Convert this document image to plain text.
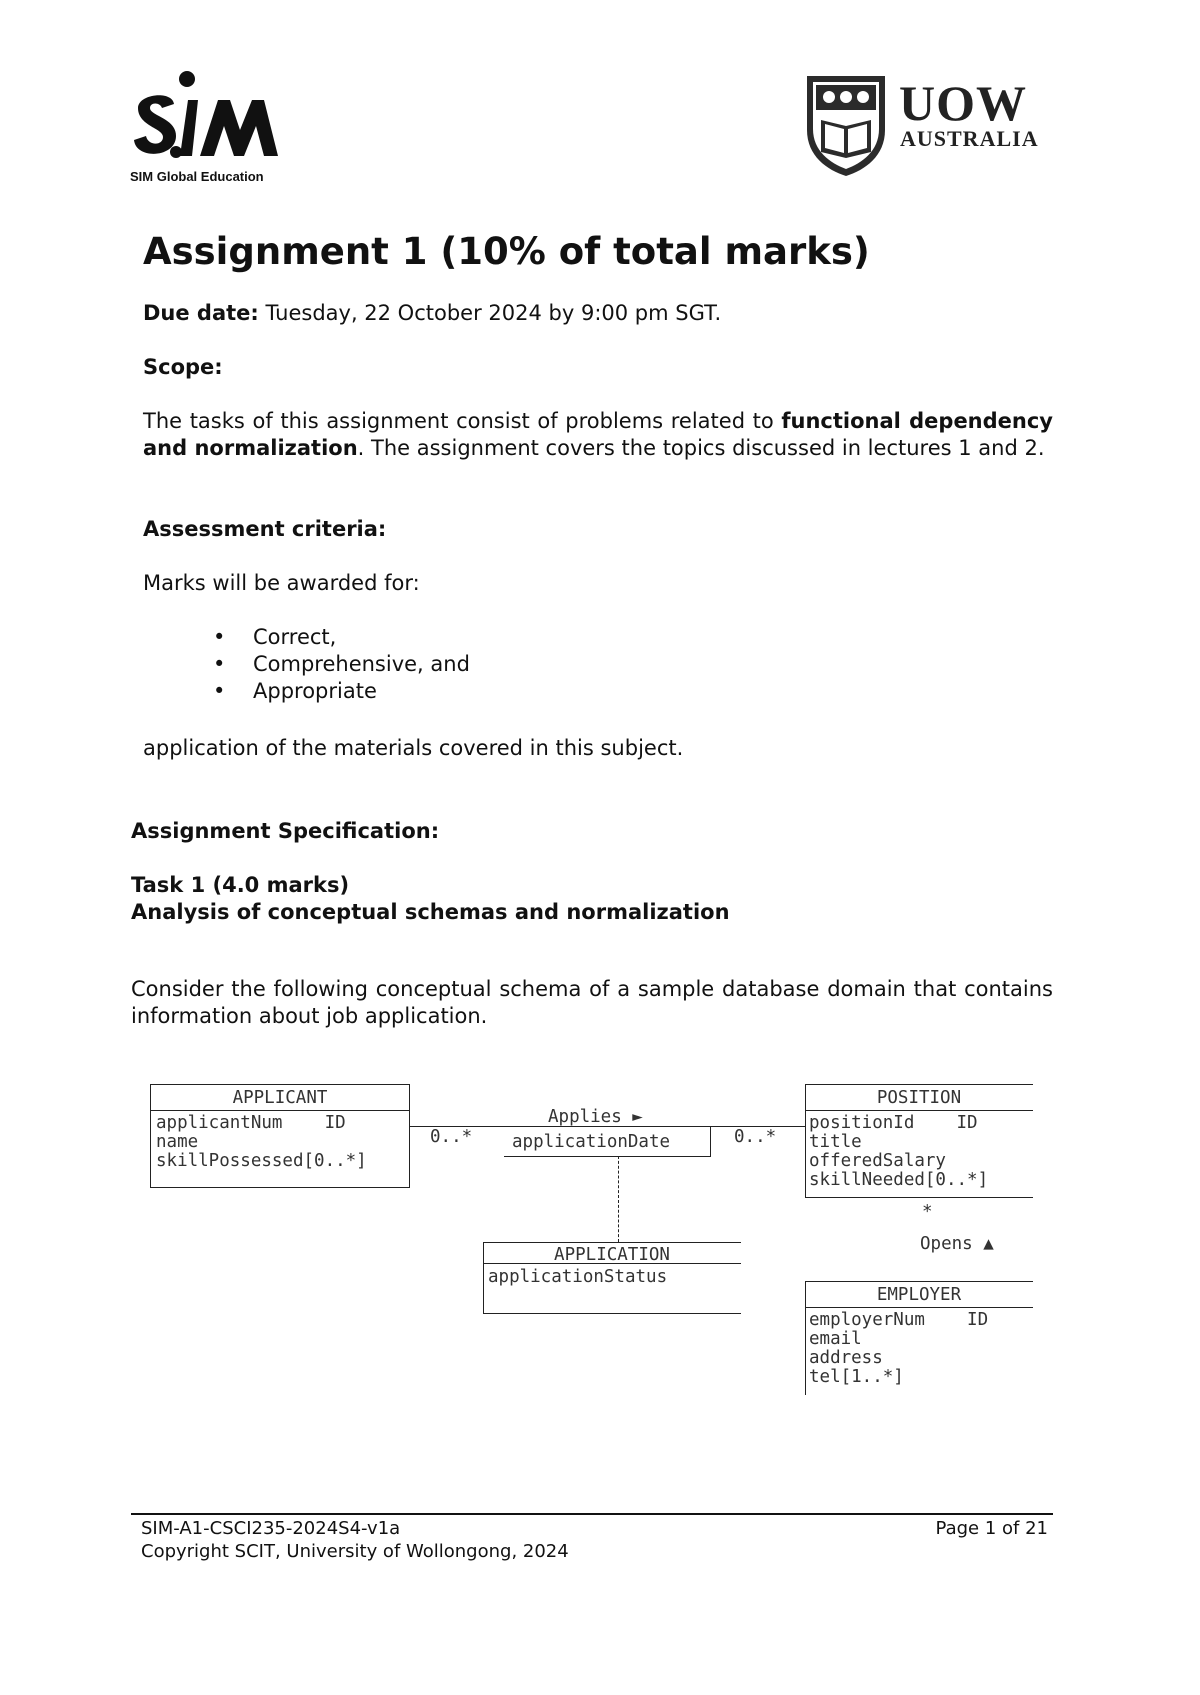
SIM Global Education
UOW
AUSTRALIA
Assignment 1 (10% of total marks)
Due date: Tuesday, 22 October 2024 by 9:00 pm SGT.
Scope:
The tasks of this assignment consist of problems related to functional dependency and normalization. The assignment covers the topics discussed in lectures 1 and 2.
Assessment criteria:
Marks will be awarded for:
• Correct,
• Comprehensive, and
• Appropriate
application of the materials covered in this subject.
Assignment Specification:
Task 1 (4.0 marks)
Analysis of conceptual schemas and normalization
Consider the following conceptual schema of a sample database domain that contains information about job application.
APPLICANT
applicantNum    ID
name
skillPossessed[0..*]
0..*	0..*
Applies ►
applicationDate
APPLICATION
applicationStatus
POSITION
positionId    ID
title
offeredSalary
skillNeeded[0..*]
*
Opens ▲
EMPLOYER
employerNum    ID
email
address
tel[1..*]
SIM-A1-CSCI235-2024S4-v1a
Copyright SCIT, University of Wollongong, 2024
Page 1 of 21
